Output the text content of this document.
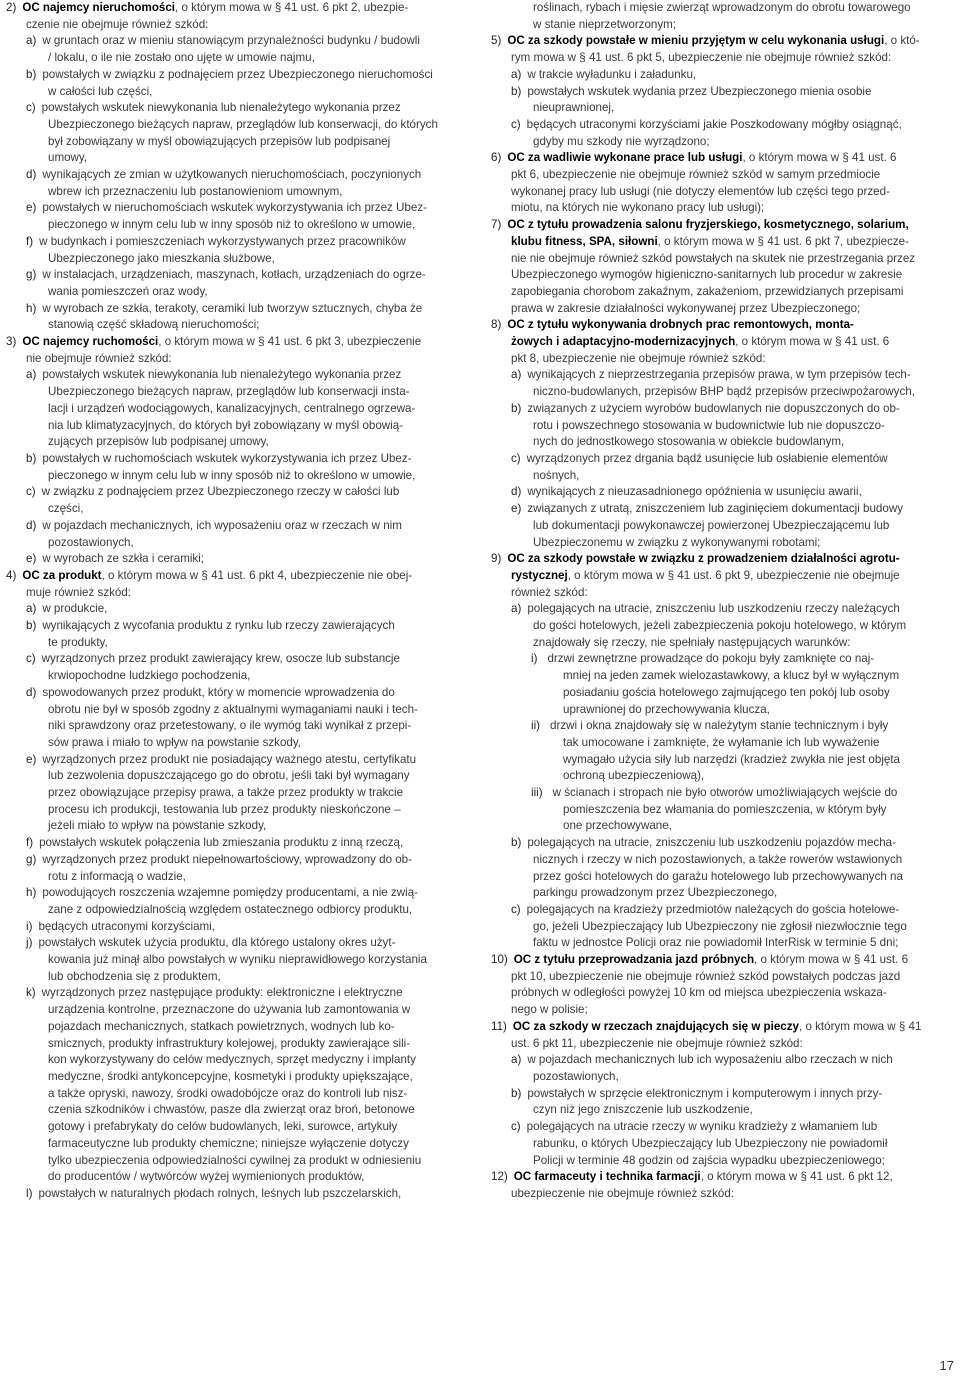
2) OC najemcy nieruchomości, o którym mowa w § 41 ust. 6 pkt 2, ubezpie-
czenie nie obejmuje również szkód:
a) w gruntach oraz w mieniu stanowiącym przynależności budynku / budowli
/ lokalu, o ile nie zostało ono ujęte w umowie najmu,
b) powstałych w związku z podnajęciem przez Ubezpieczonego nieruchomości
w całości lub części,
c) powstałych wskutek niewykonania lub nienależytego wykonania przez
Ubezpieczonego bieżących napraw, przeglądów lub konserwacji, do których
był zobowiązany w myśl obowiązujących przepisów lub podpisanej
umowy,
d) wynikających ze zmian w użytkowanych nieruchomościach, poczynionych
wbrew ich przeznaczeniu lub postanowieniom umownym,
e) powstałych w nieruchomościach wskutek wykorzystywania ich przez Ubez-
pieczonego w innym celu lub w inny sposób niż to określono w umowie,
f) w budynkach i pomieszczeniach wykorzystywanych przez pracowników
Ubezpieczonego jako mieszkania służbowe,
g) w instalacjach, urządzeniach, maszynach, kotłach, urządzeniach do ogrze-
wania pomieszczeń oraz wody,
h) w wyrobach ze szkła, terakoty, ceramiki lub tworzyw sztucznych, chyba że
stanowią część składową nieruchomości;
3) OC najemcy ruchomości, o którym mowa w § 41 ust. 6 pkt 3, ubezpieczenie
nie obejmuje również szkód:
a) powstałych wskutek niewykonania lub nienależytego wykonania przez
Ubezpieczonego bieżących napraw, przeglądów lub konserwacji insta-
lacji i urządzeń wodociągowych, kanalizacyjnych, centralnego ogrzewa-
nia lub klimatyzacyjnych, do których był zobowiązany w myśl obowią-
zujących przepisów lub podpisanej umowy,
b) powstałych w ruchomościach wskutek wykorzystywania ich przez Ubez-
pieczonego w innym celu lub w inny sposób niż to określono w umowie,
c) w związku z podnajęciem przez Ubezpieczonego rzeczy w całości lub
części,
d) w pojazdach mechanicznych, ich wyposażeniu oraz w rzeczach w nim
pozostawionych,
e) w wyrobach ze szkła i ceramiki;
4) OC za produkt, o którym mowa w § 41 ust. 6 pkt 4, ubezpieczenie nie obej-
muje również szkód:
a) w produkcie,
b) wynikających z wycofania produktu z rynku lub rzeczy zawierających
te produkty,
c) wyrządzonych przez produkt zawierający krew, osocze lub substancje
krwiopochodne ludzkiego pochodzenia,
d) spowodowanych przez produkt, który w momencie wprowadzenia do
obrotu nie był w sposób zgodny z aktualnymi wymaganiami nauki i tech-
niki sprawdzony oraz przetestowany, o ile wymóg taki wynikał z przepi-
sów prawa i miało to wpływ na powstanie szkody,
e) wyrządzonych przez produkt nie posiadający ważnego atestu, certyfikatu
lub zezwolenia dopuszczającego go do obrotu, jeśli taki był wymagany
przez obowiązujące przepisy prawa, a także przez produkty w trakcie
procesu ich produkcji, testowania lub przez produkty nieskończone –
jeżeli miało to wpływ na powstanie szkody,
f) powstałych wskutek połączenia lub zmieszania produktu z inną rzeczą,
g) wyrządzonych przez produkt niepełnowartościowy, wprowadzony do ob-
rotu z informacją o wadzie,
h) powodujących roszczenia wzajemne pomiędzy producentami, a nie zwią-
zane z odpowiedzialnością względem ostatecznego odbiorcy produktu,
i) będących utraconymi korzyściami,
j) powstałych wskutek użycia produktu, dla którego ustalony okres użyt-
kowania już minął albo powstałych w wyniku nieprawidłowego korzystania
lub obchodzenia się z produktem,
k) wyrządzonych przez następujące produkty: elektroniczne i elektryczne
urządzenia kontrolne, przeznaczone do używania lub zamontowania w
pojazdach mechanicznych, statkach powietrznych, wodnych lub ko-
smicznych, produkty infrastruktury kolejowej, produkty zawierające sili-
kon wykorzystywany do celów medycznych, sprzęt medyczny i implanty
medyczne, środki antykoncepcyjne, kosmetyki i produkty upiększające,
a także opryski, nawozy, środki owadobójcze oraz do kontroli lub nisz-
czenia szkodników i chwastów, pasze dla zwierząt oraz broń, betonowe
gotowy i prefabrykaty do celów budowlanych, leki, surowce, artykuły
farmaceutyczne lub produkty chemiczne; niniejsze wyłączenie dotyczy
tylko ubezpieczenia odpowiedzialności cywilnej za produkt w odniesieniu
do producentów / wytwórców wyżej wymienionych produktów,
l) powstałych w naturalnych płodach rolnych, leśnych lub pszczelarskich,
roślinach, rybach i mięsie zwierząt wprowadzonym do obrotu towarowego
w stanie nieprzetworzonym;
5) OC za szkody powstałe w mieniu przyjętym w celu wykonania usługi, o któ-
rym mowa w § 41 ust. 6 pkt 5, ubezpieczenie nie obejmuje również szkód:
a) w trakcie wyładunku i załadunku,
b) powstałych wskutek wydania przez Ubezpieczonego mienia osobie
nieuprawnionej,
c) będących utraconymi korzyściami jakie Poszkodowany mógłby osiągnąć,
gdyby mu szkody nie wyrządzono;
6) OC za wadliwie wykonane prace lub usługi, o którym mowa w § 41 ust. 6
pkt 6, ubezpieczenie nie obejmuje również szkód w samym przedmiocie
wykonanej pracy lub usługi (nie dotyczy elementów lub części tego przed-
miotu, na których nie wykonano pracy lub usługi);
7) OC z tytułu prowadzenia salonu fryzjerskiego, kosmetycznego, solarium,
klubu fitness, SPA, siłowni, o którym mowa w § 41 ust. 6 pkt 7, ubezpiecze-
nie nie obejmuje również szkód powstałych na skutek nie przestrzegania przez
Ubezpieczonego wymogów higieniczno-sanitarnych lub procedur w zakresie
zapobiegania chorobom zakaźnym, zakażeniom, przewidzianych przepisami
prawa w zakresie działalności wykonywanej przez Ubezpieczonego;
8) OC z tytułu wykonywania drobnych prac remontowych, monta-
żowych i adaptacyjno-modernizacyjnych, o którym mowa w § 41 ust. 6
pkt 8, ubezpieczenie nie obejmuje również szkód:
a) wynikających z nieprzestrzegania przepisów prawa, w tym przepisów tech-
niczno-budowlanych, przepisów BHP bądź przepisów przeciwpożarowych,
b) związanych z użyciem wyrobów budowlanych nie dopuszczonych do ob-
rotu i powszechnego stosowania w budownictwie lub nie dopuszczo-
nych do jednostkowego stosowania w obiekcie budowlanym,
c) wyrządzonych przez drgania bądź usunięcie lub osłabienie elementów
nośnych,
d) wynikających z nieuzasadnionego opóźnienia w usunięciu awarii,
e) związanych z utratą, zniszczeniem lub zaginięciem dokumentacji budowy
lub dokumentacji powykonawczej powierzonej Ubezpieczającemu lub
Ubezpieczonemu w związku z wykonywanymi robotami;
9) OC za szkody powstałe w związku z prowadzeniem działalności agrotu-
rystycznej, o którym mowa w § 41 ust. 6 pkt 9, ubezpieczenie nie obejmuje
również szkód:
a) polegających na utracie, zniszczeniu lub uszkodzeniu rzeczy należących
do gości hotelowych, jeżeli zabezpieczenia pokoju hotelowego, w którym
znajdowały się rzeczy, nie spełniały następujących warunków:
i) drzwi zewnętrzne prowadzące do pokoju były zamknięte co naj-
mniej na jeden zamek wielozastawkowy, a klucz był w wyłącznym
posiadaniu gościa hotelowego zajmującego ten pokój lub osoby
uprawnionej do przechowywania klucza,
ii) drzwi i okna znajdowały się w należytym stanie technicznym i były
tak umocowane i zamknięte, że wyłamanie ich lub wyważenie
wymagało użycia siły lub narzędzi (kradzież zwykła nie jest objęta
ochroną ubezpieczeniową),
iii) w ścianach i stropach nie było otworów umożliwiających wejście do
pomieszczenia bez włamania do pomieszczenia, w którym były
one przechowywane,
b) polegających na utracie, zniszczeniu lub uszkodzeniu pojazdów mecha-
nicznych i rzeczy w nich pozostawionych, a także rowerów wstawionych
przez gości hotelowych do garażu hotelowego lub przechowywanych na
parkingu prowadzonym przez Ubezpieczonego,
c) polegających na kradzieży przedmiotów należących do gościa hotelowe-
go, jeżeli Ubezpieczający lub Ubezpieczony nie zgłosił niezwłocznie tego
faktu w jednostce Policji oraz nie powiadomił InterRisk w terminie 5 dni;
10) OC z tytułu przeprowadzania jazd próbnych, o którym mowa w § 41 ust. 6
pkt 10, ubezpieczenie nie obejmuje również szkód powstałych podczas jazd
próbnych w odległości powyżej 10 km od miejsca ubezpieczenia wskaza-
nego w polisie;
11) OC za szkody w rzeczach znajdujących się w pieczy, o którym mowa w § 41
ust. 6 pkt 11, ubezpieczenie nie obejmuje również szkód:
a) w pojazdach mechanicznych lub ich wyposażeniu albo rzeczach w nich
pozostawionych,
b) powstałych w sprzęcie elektronicznym i komputerowym i innych przy-
czyn niż jego zniszczenie lub uszkodzenie,
c) polegających na utracie rzeczy w wyniku kradzieży z włamaniem lub
rabunku, o których Ubezpieczający lub Ubezpieczony nie powiadomił
Policji w terminie 48 godzin od zajścia wypadku ubezpieczeniowego;
12) OC farmaceuty i technika farmacji, o którym mowa w § 41 ust. 6 pkt 12,
ubezpieczenie nie obejmuje również szkód:
17
